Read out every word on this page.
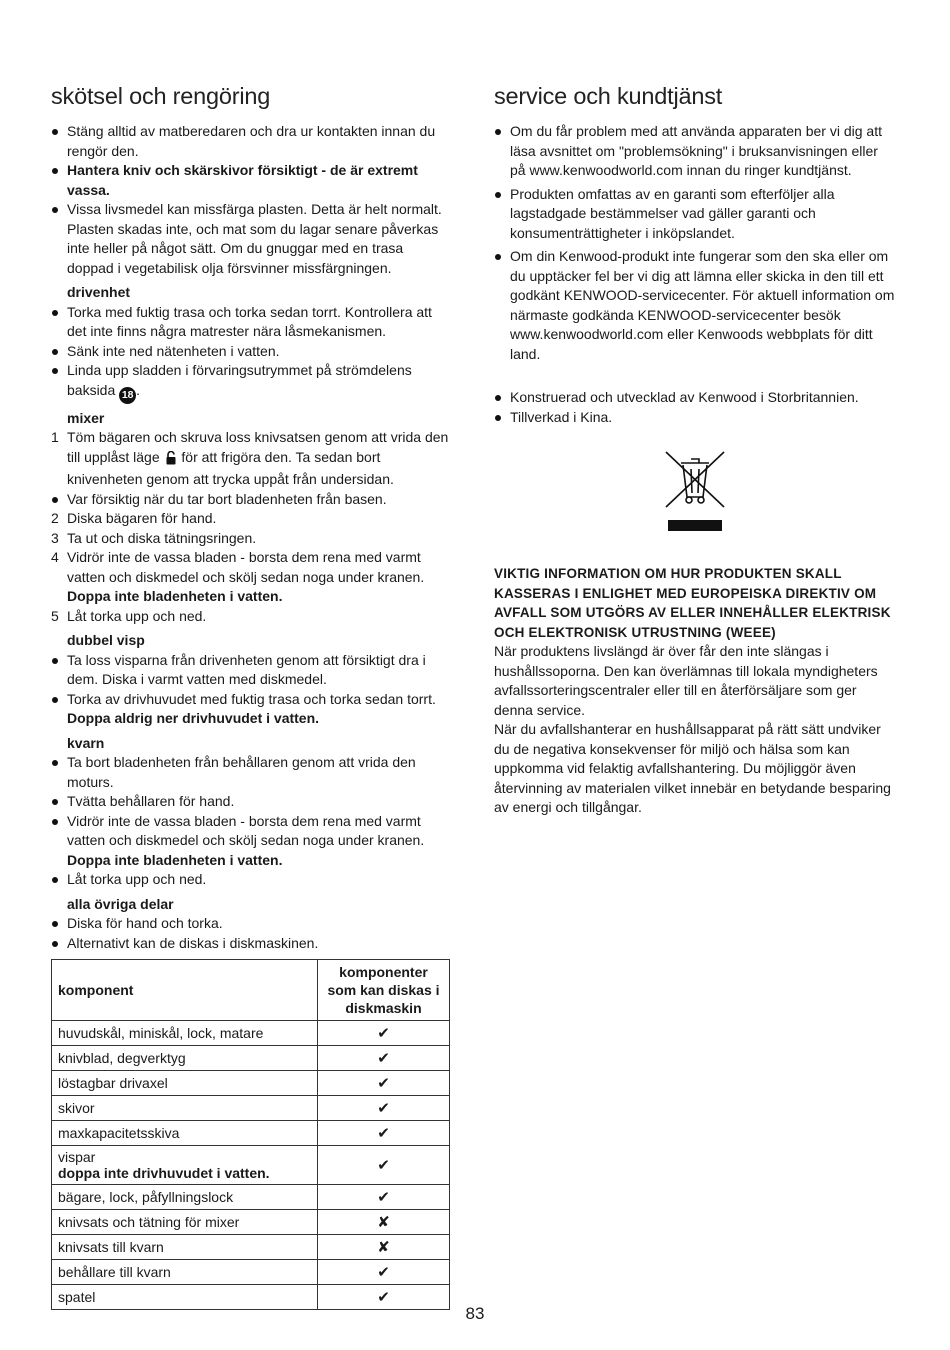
skötsel och rengöring
Stäng alltid av matberedaren och dra ur kontakten innan du rengör den.
Hantera kniv och skärskivor försiktigt - de är extremt vassa.
Vissa livsmedel kan missfärga plasten. Detta är helt normalt. Plasten skadas inte, och mat som du lagar senare påverkas inte heller på något sätt. Om du gnuggar med en trasa doppad i vegetabilisk olja försvinner missfärgningen.
drivenhet
Torka med fuktig trasa och torka sedan torrt. Kontrollera att det inte finns några matrester nära låsmekanismen.
Sänk inte ned nätenheten i vatten.
Linda upp sladden i förvaringsutrymmet på strömdelens baksida 18 .
mixer
1 Töm bägaren och skruva loss knivsatsen genom att vrida den till upplåst läge för att frigöra den. Ta sedan bort knivenheten genom att trycka uppåt från undersidan.
Var försiktig när du tar bort bladenheten från basen.
2 Diska bägaren för hand.
3 Ta ut och diska tätningsringen.
4 Vidrör inte de vassa bladen - borsta dem rena med varmt vatten och diskmedel och skölj sedan noga under kranen.
Doppa inte bladenheten i vatten.
5 Låt torka upp och ned.
dubbel visp
Ta loss visparna från drivenheten genom att försiktigt dra i dem. Diska i varmt vatten med diskmedel.
Torka av drivhuvudet med fuktig trasa och torka sedan torrt.
Doppa aldrig ner drivhuvudet i vatten.
kvarn
Ta bort bladenheten från behållaren genom att vrida den moturs.
Tvätta behållaren för hand.
Vidrör inte de vassa bladen - borsta dem rena med varmt vatten och diskmedel och skölj sedan noga under kranen.
Doppa inte bladenheten i vatten.
Låt torka upp och ned.
alla övriga delar
Diska för hand och torka.
Alternativt kan de diskas i diskmaskinen.
komponent	komponenter som kan diskas i diskmaskin

huvudskål, miniskål, lock, matare	✔

knivblad, degverktyg	✔

löstagbar drivaxel	✔

skivor	✔

maxkapacitetsskiva	✔

vispar
doppa inte drivhuvudet i vatten.	✔

bägare, lock, påfyllningslock	✔

knivsats och tätning för mixer	✘

knivsats till kvarn	✘

behållare till kvarn	✔

spatel	✔
service och kundtjänst
Om du får problem med att använda apparaten ber vi dig att läsa avsnittet om "problemsökning" i bruksanvisningen eller på www.kenwoodworld.com innan du ringer kundtjänst.
Produkten omfattas av en garanti som efterföljer alla lagstadgade bestämmelser vad gäller garanti och konsumenträttigheter i inköpslandet.
Om din Kenwood-produkt inte fungerar som den ska eller om du upptäcker fel ber vi dig att lämna eller skicka in den till ett godkänt KENWOOD-servicecenter. För aktuell information om närmaste godkända KENWOOD-servicecenter besök www.kenwoodworld.com eller Kenwoods webbplats för ditt land.
Konstruerad och utvecklad av Kenwood i Storbritannien.
Tillverkad i Kina.
VIKTIG INFORMATION OM HUR PRODUKTEN SKALL KASSERAS I ENLIGHET MED EUROPEISKA DIREKTIV OM AVFALL SOM UTGÖRS AV ELLER INNEHÅLLER ELEKTRISK OCH ELEKTRONISK UTRUSTNING (WEEE)
När produktens livslängd är över får den inte slängas i hushållssoporna. Den kan överlämnas till lokala myndigheters avfallssorteringscentraler eller till en återförsäljare som ger denna service.
När du avfallshanterar en hushållsapparat på rätt sätt undviker du de negativa konsekvenser för miljö och hälsa som kan uppkomma vid felaktig avfallshantering. Du möjliggör även återvinning av materialen vilket innebär en betydande besparing av energi och tillgångar.
83
